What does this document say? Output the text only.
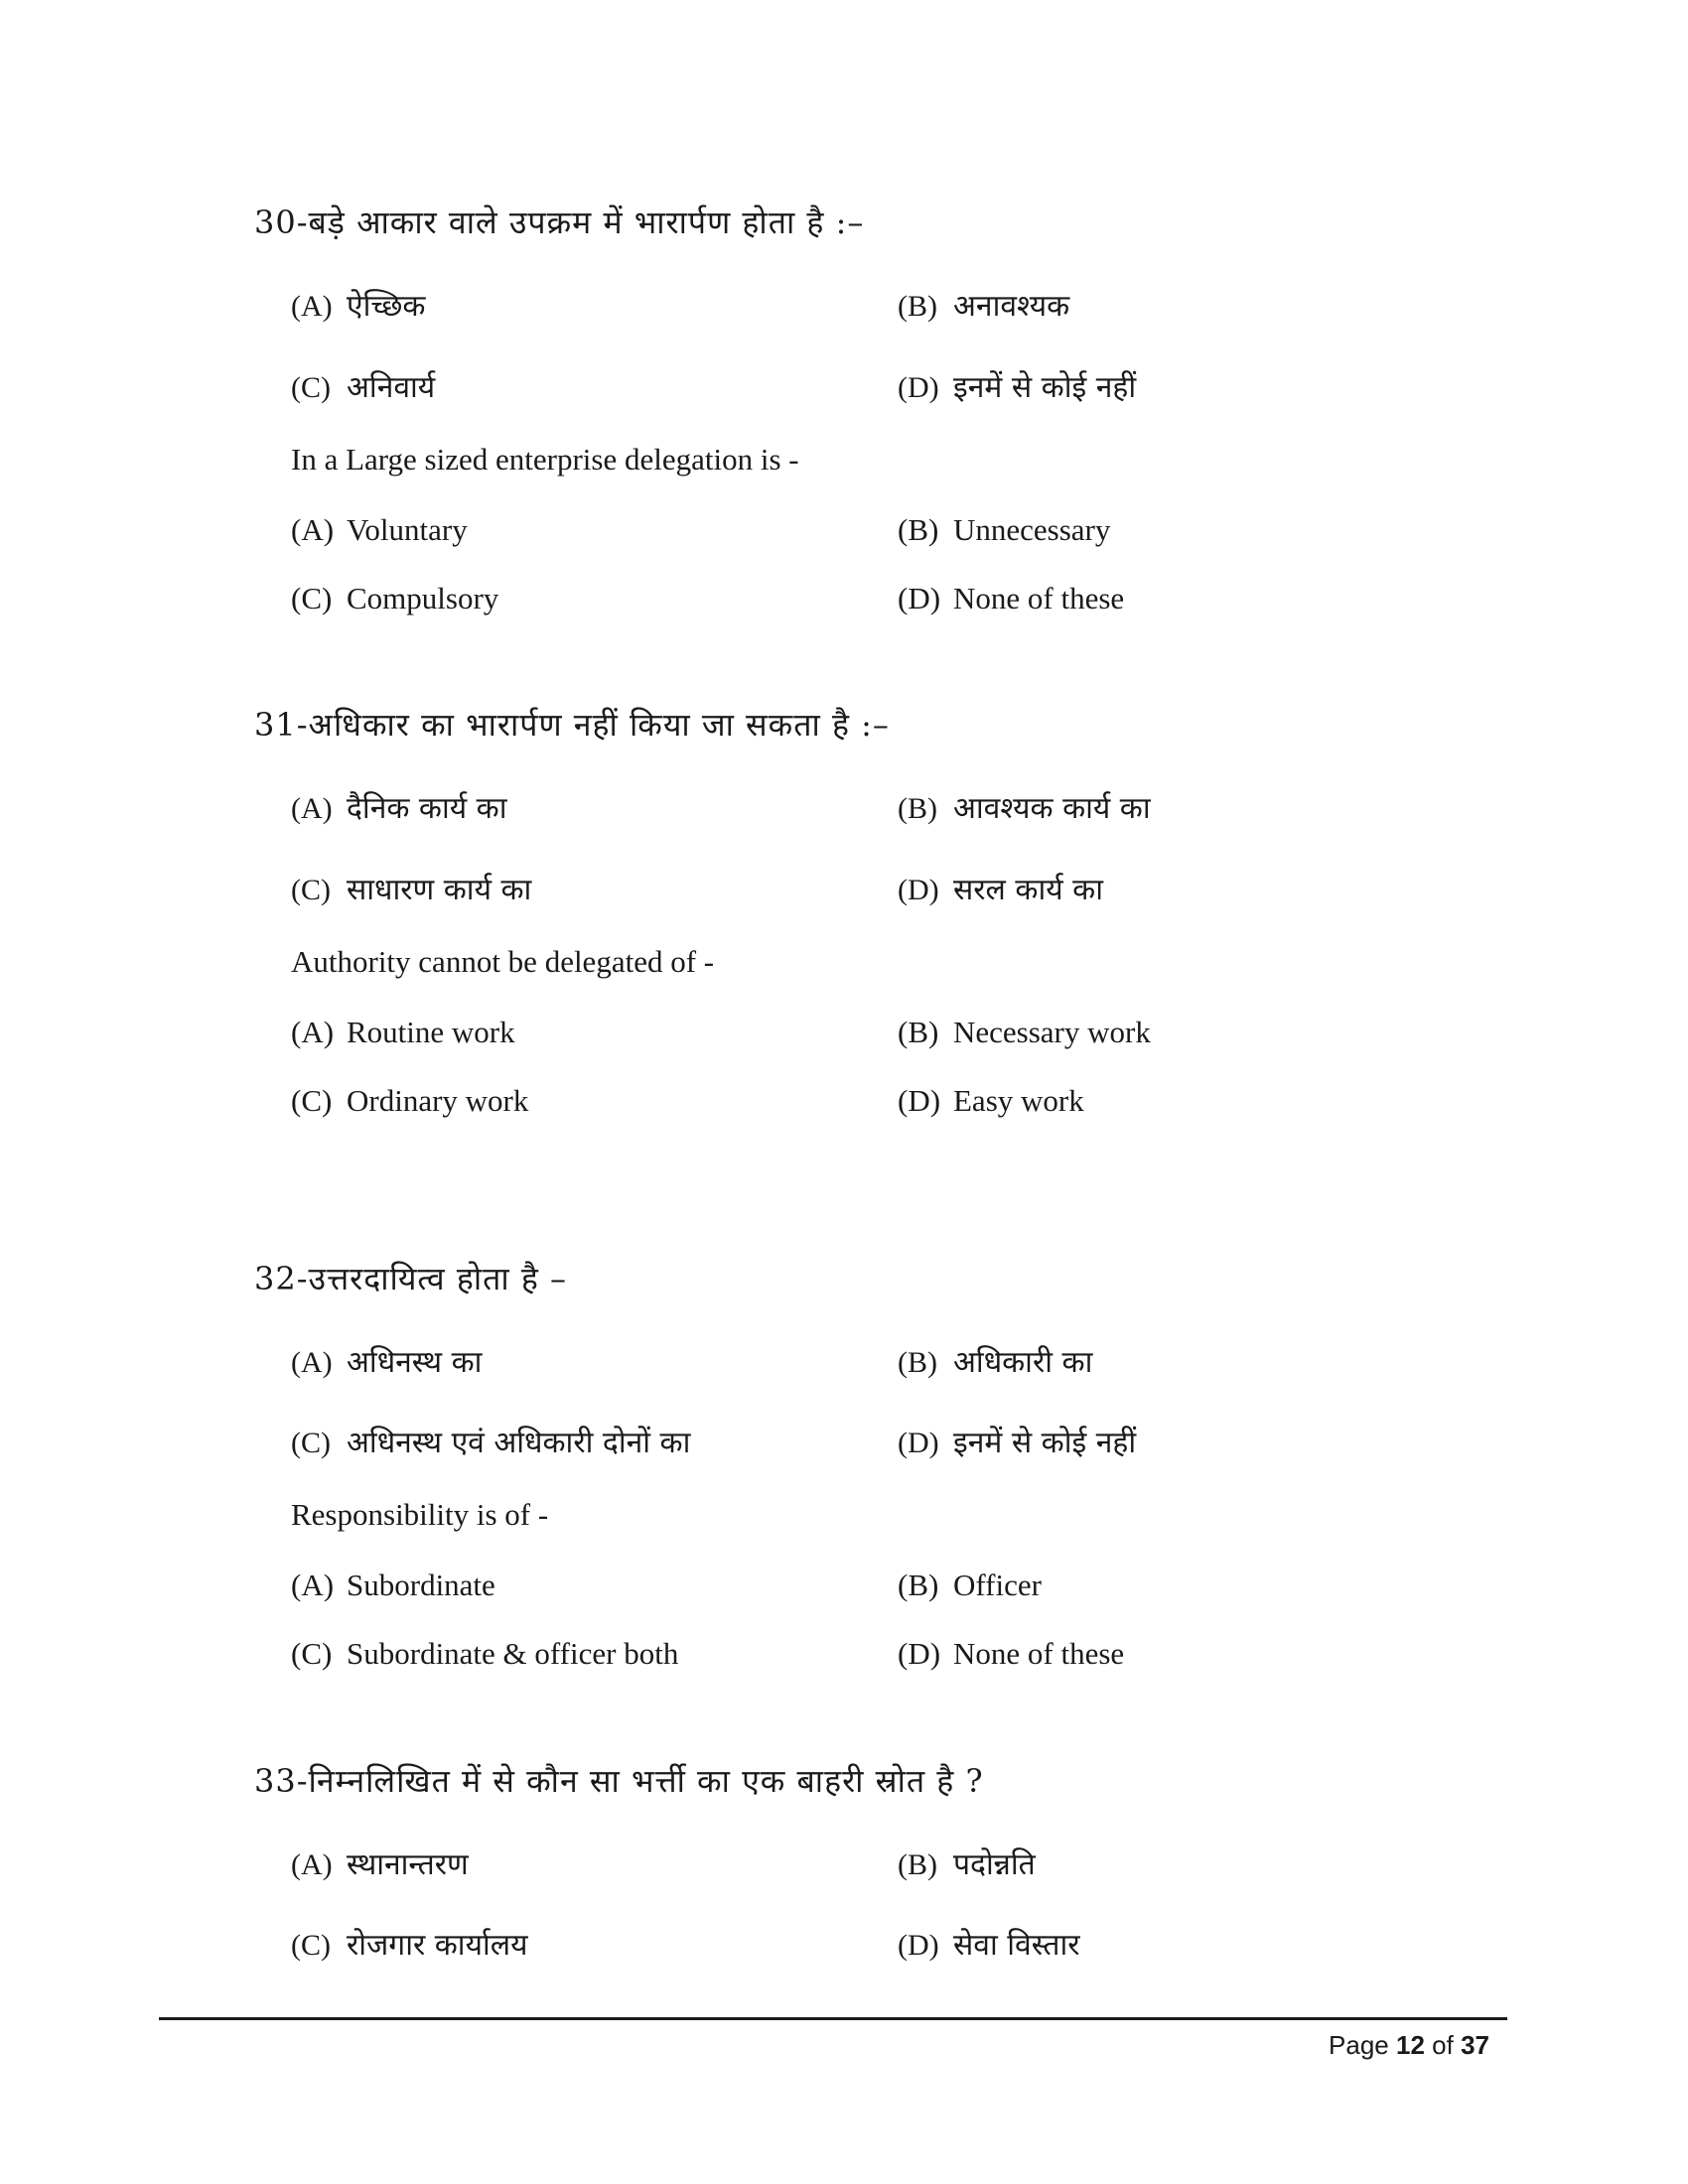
30-बड़े आकार वाले उपक्रम में भारार्पण होता है :–
(A) ऐच्छिक	(B) अनावश्यक
(C) अनिवार्य	(D) इनमें से कोई नहीं
In a Large sized enterprise delegation is -
(A) Voluntary	(B) Unnecessary
(C) Compulsory	(D) None of these
31-अधिकार का भारार्पण नहीं किया जा सकता है :–
(A) दैनिक कार्य का	(B) आवश्यक कार्य का
(C) साधारण कार्य का	(D) सरल कार्य का
Authority cannot be delegated of -
(A) Routine work	(B) Necessary work
(C) Ordinary work	(D) Easy work
32-उत्तरदायित्व होता है –
(A) अधिनस्थ का	(B) अधिकारी का
(C) अधिनस्थ एवं अधिकारी दोनों का	(D) इनमें से कोई नहीं
Responsibility is of -
(A) Subordinate	(B) Officer
(C) Subordinate & officer both	(D) None of these
33-निम्नलिखित में से कौन सा भर्त्ती का एक बाहरी स्रोत है ?
(A) स्थानान्तरण	(B) पदोन्नति
(C) रोजगार कार्यालय	(D) सेवा विस्तार
Page 12 of 37
